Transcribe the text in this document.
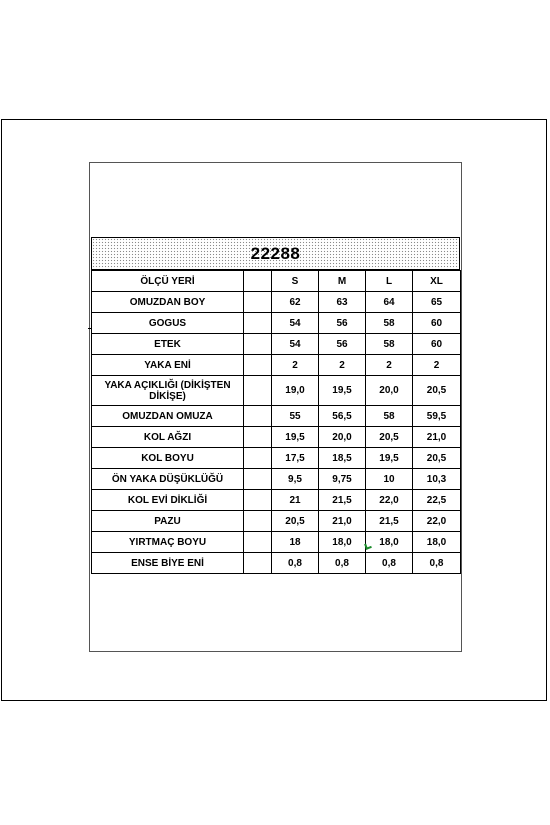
22288
ÖLÇÜ YERİ		S	M	L	XL
OMUZDAN BOY		62	63	64	65
GOGUS		54	56	58	60
ETEK		54	56	58	60
YAKA ENİ		2	2	2	2
YAKA AÇIKLIĞI (DİKİŞTEN DİKİŞE)		19,0	19,5	20,0	20,5
OMUZDAN OMUZA		55	56,5	58	59,5
KOL AĞZI		19,5	20,0	20,5	21,0
KOL BOYU		17,5	18,5	19,5	20,5
ÖN YAKA DÜŞÜKLÜĞÜ		9,5	9,75	10	10,3
KOL EVİ DİKLİĞİ		21	21,5	22,0	22,5
PAZU		20,5	21,0	21,5	22,0
YIRTMAÇ BOYU		18	18,0	18,0	18,0
ENSE BİYE ENİ		0,8	0,8	0,8	0,8
